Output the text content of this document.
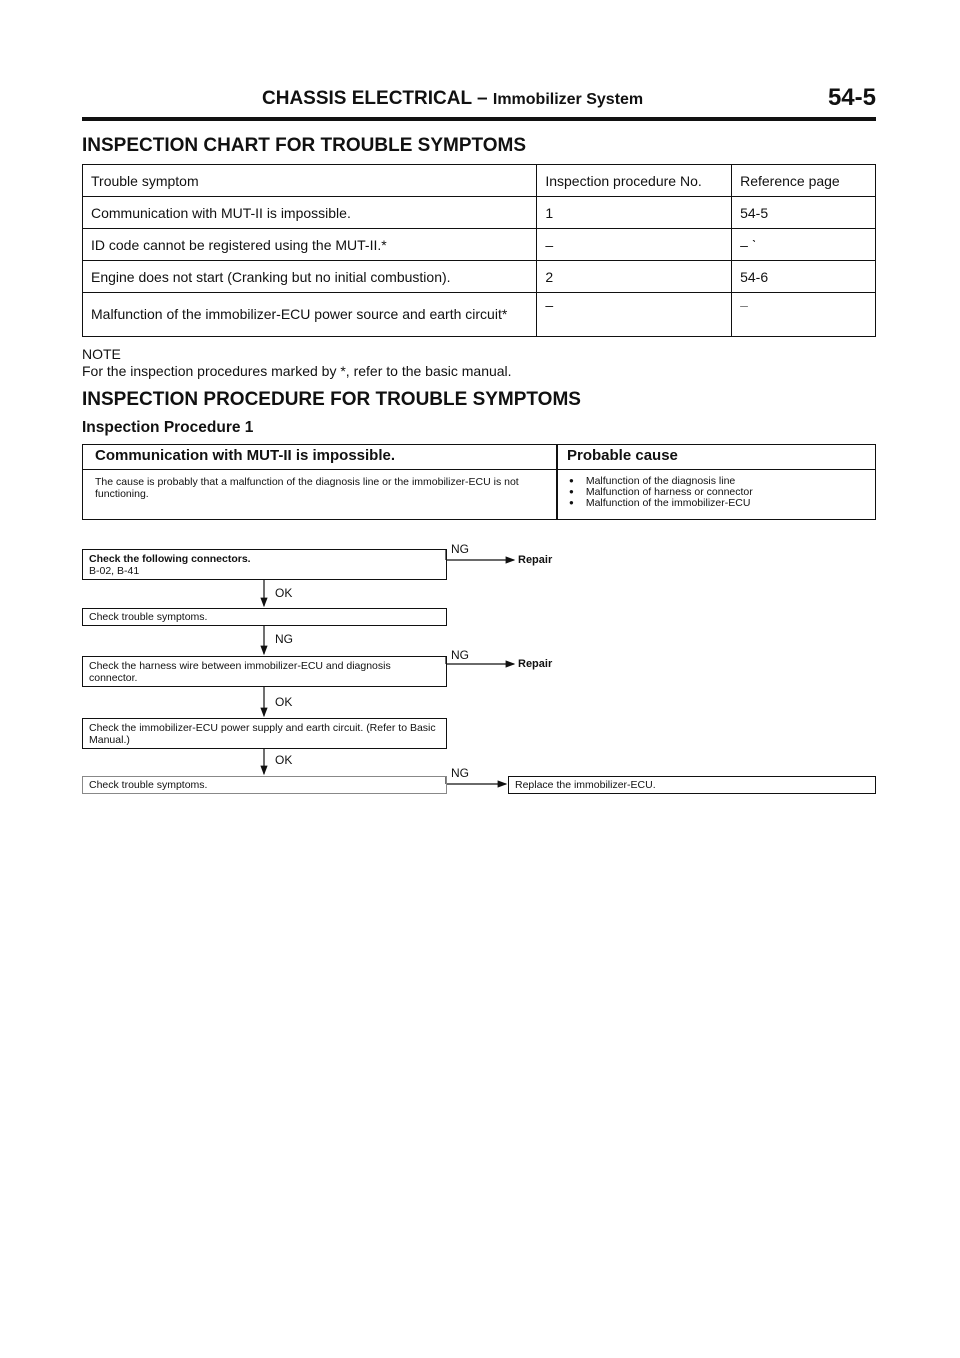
CHASSIS ELECTRICAL – Immobilizer System	54-5
INSPECTION CHART FOR TROUBLE SYMPTOMS
Trouble symptom	Inspection procedure No.	Reference page
Communication with MUT-II is impossible.	1	54-5
ID code cannot be registered using the MUT-II.*	–	– ˋ
Engine does not start (Cranking but no initial combustion).	2	54-6
Malfunction of the immobilizer-ECU power source and earth circuit*	–	–
NOTE
For the inspection procedures marked by *, refer to the basic manual.
INSPECTION PROCEDURE FOR TROUBLE SYMPTOMS
Inspection Procedure 1
Communication with MUT-II is impossible.	Probable cause
The cause is probably that a malfunction of the diagnosis line or the immobilizer-ECU is not functioning.
● Malfunction of the diagnosis line
● Malfunction of harness or connector
● Malfunction of the immobilizer-ECU
Check the following connectors.
B-02, B-41
Check trouble symptoms.
Check the harness wire between immobilizer-ECU and diagnosis connector.
Check the immobilizer-ECU power supply and earth circuit. (Refer to Basic Manual.)
Check trouble symptoms.	Replace the immobilizer-ECU.
NG
Repair
OK
NG
NG
Repair
OK
OK
NG
